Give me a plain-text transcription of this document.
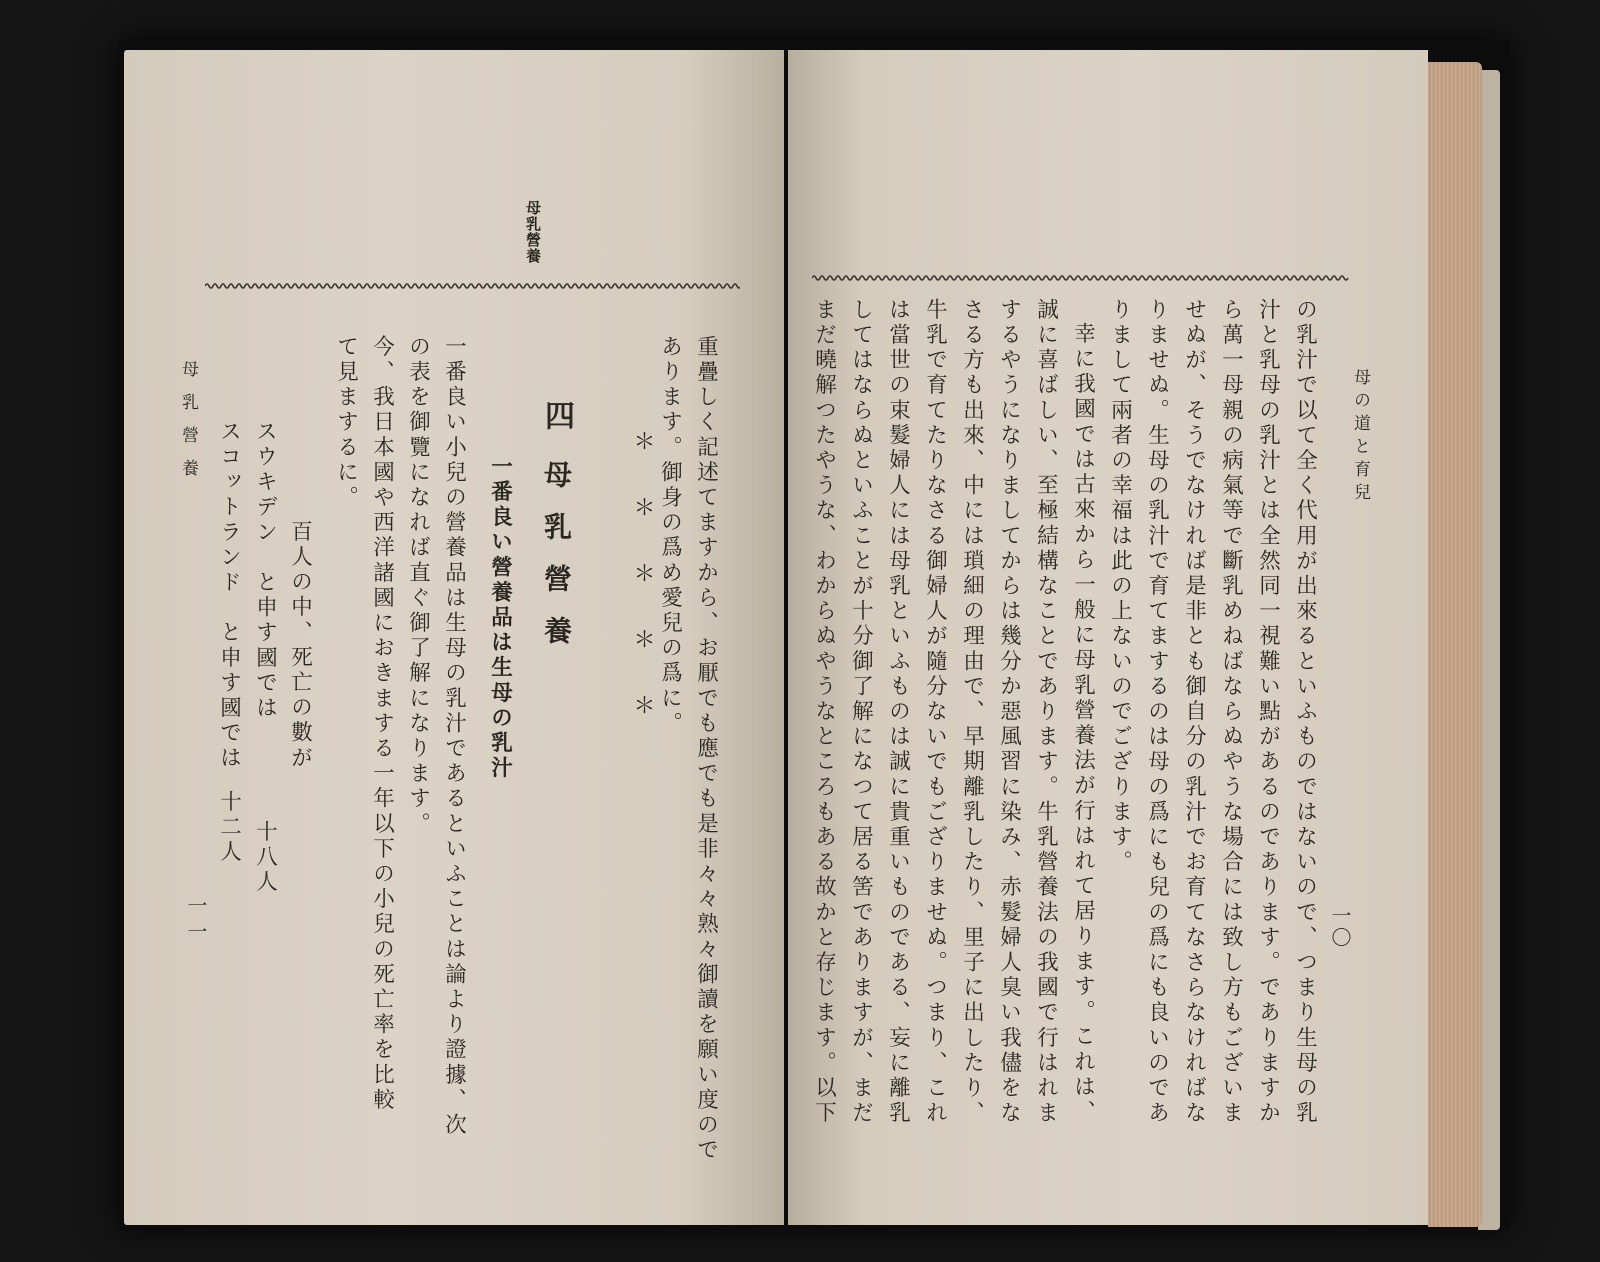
母乳營養
重疊しく記述てますから、お厭でも應でも是非々々熟々御讀を願い度ので
あります。御身の爲め愛兒の爲に。
＊＊＊＊＊
四
母乳營養
一番良い營養品は生母の乳汁
一番良い小兒の營養品は生母の乳汁であるといふことは論より證據、次
の表を御覽になれば直ぐ御了解になります。
今、我日本國や西洋諸國におきまする一年以下の小兒の死亡率を比較
て見まするに。
百人の中、死亡の數が
スウキデン　と申す國では
十八人
スコットランド　と申す國では
十二人
母乳營養
一一
母の道と育兒
一〇
の乳汁で以て全く代用が出來るといふものではないので、つまり生母の乳
汁と乳母の乳汁とは全然同一視難い點があるのであります。でありますか
ら萬一母親の病氣等で斷乳めねばならぬやうな場合には致し方もございま
せぬが、そうでなければ是非とも御自分の乳汁でお育てなさらなければな
りませぬ。生母の乳汁で育てまするのは母の爲にも兒の爲にも良いのであ
りまして兩者の幸福は此の上ないのでござります。
幸に我國では古來から一般に母乳營養法が行はれて居ります。これは、
誠に喜ばしい、至極結構なことであります。牛乳營養法の我國で行はれま
するやうになりましてからは幾分か惡風習に染み、赤髮婦人臭い我儘をな
さる方も出來、中には瑣細の理由で、早期離乳したり、里子に出したり、
牛乳で育てたりなさる御婦人が隨分ないでもござりませぬ。つまり、これ
は當世の束髮婦人には母乳といふものは誠に貴重いものである、妄に離乳
してはならぬといふことが十分御了解になつて居る筈でありますが、まだ
まだ曉解つたやうな、わからぬやうなところもある故かと存じます。以下
